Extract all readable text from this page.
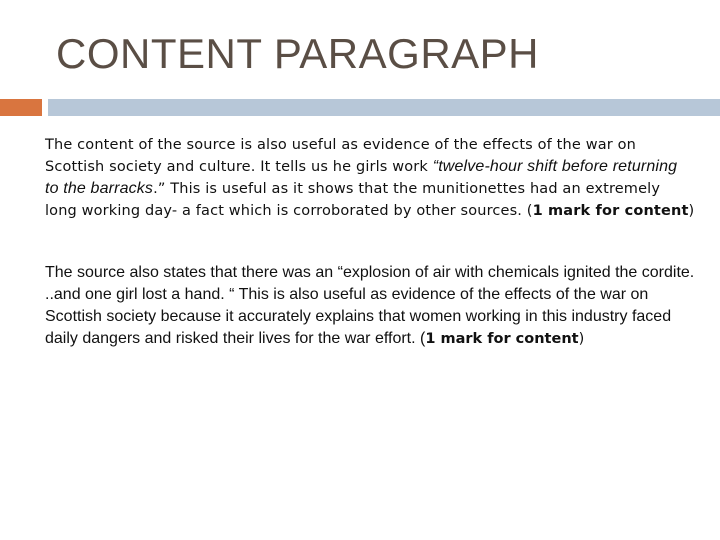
CONTENT PARAGRAPH
The content of the source is also useful as evidence of the effects of the war on Scottish society and culture. It tells us he girls work “twelve-hour shift before returning to the barracks.” This is useful as it shows that the munitionettes had an extremely long working day- a fact which is corroborated by other sources. (1 mark for content)
The source also states that there was an “explosion of air with chemicals ignited the cordite. ..and one girl lost a hand. “ This is also useful as evidence of the effects of the war on Scottish society because it accurately explains that women working in this industry faced daily dangers and risked their lives for the war effort. (1 mark for content)
